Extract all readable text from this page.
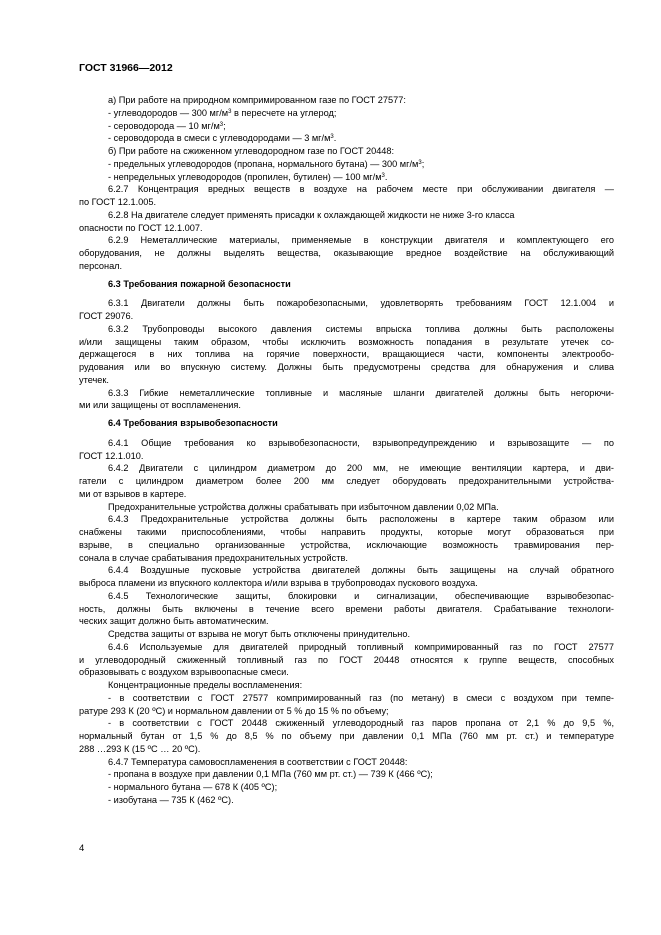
ГОСТ 31966—2012
а) При работе на природном компримированном газе по ГОСТ 27577:
- углеводородов — 300 $мг/м^3$ в пересчете на углерод;
- сероводорода — 10 $мг/м^3$;
- сероводорода в смеси с углеводородами — 3 $мг/м^3$.
б) При работе на сжиженном углеводородном газе по ГОСТ 20448:
- предельных углеводородов (пропана, нормального бутана) — 300 $мг/м^3$;
- непредельных углеводородов (пропилен, бутилен) — 100 $мг/м^3$.
6.2.7 Концентрация вредных веществ в воздухе на рабочем месте при обслуживании двигателя —
по ГОСТ 12.1.005.
6.2.8 На двигателе следует применять присадки к охлаждающей жидкости не ниже 3-го класса
опасности по ГОСТ 12.1.007.
6.2.9 Неметаллические материалы, применяемые в конструкции двигателя и комплектующего его
оборудования, не должны выделять вещества, оказывающие вредное воздействие на обслуживающий
персонал.
6.3 Требования пожарной безопасности
6.3.1 Двигатели должны быть пожаробезопасными, удовлетворять требованиям ГОСТ 12.1.004 и
ГОСТ 29076.
6.3.2 Трубопроводы высокого давления системы впрыска топлива должны быть расположены
и/или защищены таким образом, чтобы исключить возможность попадания в результате утечек со-
держащегося в них топлива на горячие поверхности, вращающиеся части, компоненты электрообо-
рудования или во впускную систему. Должны быть предусмотрены средства для обнаружения и слива
утечек.
6.3.3 Гибкие неметаллические топливные и масляные шланги двигателей должны быть негорючи-
ми или защищены от воспламенения.
6.4 Требования взрывобезопасности
6.4.1 Общие требования ко взрывобезопасности, взрывопредупреждению и взрывозащите — по
ГОСТ 12.1.010.
6.4.2 Двигатели с цилиндром диаметром до 200 мм, не имеющие вентиляции картера, и дви-
гатели с цилиндром диаметром более 200 мм следует оборудовать предохранительными устройства-
ми от взрывов в картере.
Предохранительные устройства должны срабатывать при избыточном давлении 0,02 МПа.
6.4.3 Предохранительные устройства должны быть расположены в картере таким образом или
снабжены такими приспособлениями, чтобы направить продукты, которые могут образоваться при
взрыве, в специально организованные устройства, исключающие возможность травмирования пер-
сонала в случае срабатывания предохранительных устройств.
6.4.4 Воздушные пусковые устройства двигателей должны быть защищены на случай обратного
выброса пламени из впускного коллектора и/или взрыва в трубопроводах пускового воздуха.
6.4.5 Технологические защиты, блокировки и сигнализации, обеспечивающие взрывобезопас-
ность, должны быть включены в течение всего времени работы двигателя. Срабатывание технологи-
ческих защит должно быть автоматическим.
Средства защиты от взрыва не могут быть отключены принудительно.
6.4.6 Используемые для двигателей природный топливный компримированный газ по ГОСТ 27577
и углеводородный сжиженный топливный газ по ГОСТ 20448 относятся к группе веществ, способных
образовывать с воздухом взрывоопасные смеси.
Концентрационные пределы воспламенения:
- в соответствии с ГОСТ 27577 компримированный газ (по метану) в смеси с воздухом при темпе-
ратуре 293 К (20 ºС) и нормальном давлении от 5 % до 15 % по объему;
- в соответствии с ГОСТ 20448 сжиженный углеводородный газ паров пропана от 2,1 % до 9,5 %,
нормальный бутан от 1,5 % до 8,5 % по объему при давлении 0,1 МПа (760 мм рт. ст.) и температуре
288 …293 К (15 ºС … 20 ºС).
6.4.7 Температура самовоспламенения в соответствии с ГОСТ 20448:
- пропана в воздухе при давлении 0,1 МПа (760 мм рт. ст.) — 739 К (466 ºС);
- нормального бутана — 678 К (405 ºС);
- изобутана — 735 К (462 ºС).
4
